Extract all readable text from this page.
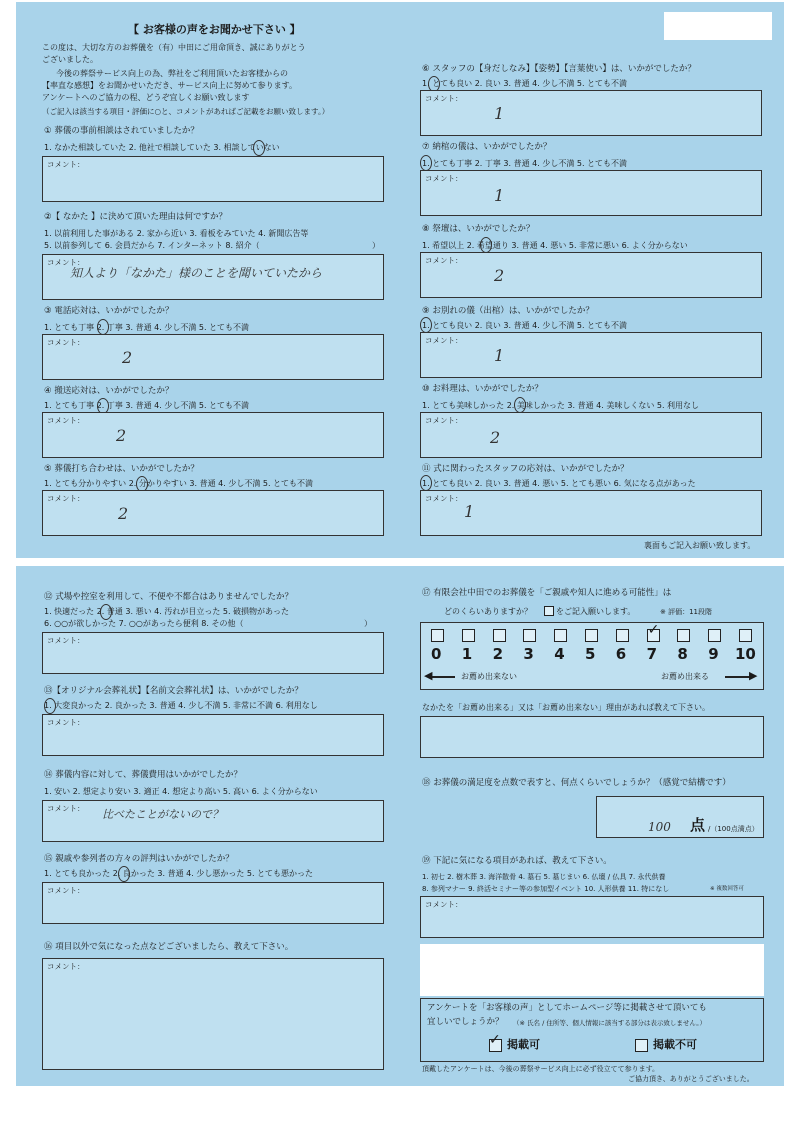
【 お客様の声をお聞かせ下さい 】
この度は、大切な方のお葬儀を（有）中田にご用命頂き、誠にありがとう
ございました。
今後の葬祭サービス向上の為、弊社をご利用頂いたお客様からの
【率直な感想】をお聞かせいただき、サービス向上に努めて参ります。
アンケートへのご協力の程、どうぞ宜しくお願い致します
（ご記入は該当する項目・評価に○と、コメントがあればご記載をお願い致します。）
① 葬儀の事前相談はされていましたか？
1. なかた相談していた 2. 他社で相談していた 3. 相談していない
コメント：
②【 なかた 】に決めて頂いた理由は何ですか？
1. 以前利用した事がある 2. 家から近い 3. 看板をみていた 4. 新聞広告等
5. 以前参列して 6. 会員だから 7. インターネット 8. 紹介（	）
コメント：
知人より「なかた」様のことを聞いていたから
③ 電話応対は、いかがでしたか？
1. とても丁寧 2. 丁寧 3. 普通 4. 少し不満 5. とても不満
コメント：
2
④ 搬送応対は、いかがでしたか？
1. とても丁寧 2. 丁寧 3. 普通 4. 少し不満 5. とても不満
コメント：
2
⑤ 葬儀打ち合わせは、いかがでしたか？
1. とても分かりやすい 2. 分かりやすい 3. 普通 4. 少し不満 5. とても不満
コメント：
2
⑥ スタッフの【身だしなみ】【姿勢】【言葉使い】は、いかがでしたか？
1. とても良い 2. 良い 3. 普通 4. 少し不満 5. とても不満
コメント：
1
⑦ 納棺の儀は、いかがでしたか？
1. とても丁寧 2. 丁寧 3. 普通 4. 少し不満 5. とても不満
コメント：
1
⑧ 祭壇は、いかがでしたか？
1. 希望以上 2. 希望通り 3. 普通 4. 悪い 5. 非常に悪い 6. よく分からない
コメント：
2
⑨ お別れの儀（出棺）は、いかがでしたか？
1. とても良い 2. 良い 3. 普通 4. 少し不満 5. とても不満
コメント：
1
⑩ お料理は、いかがでしたか？
1. とても美味しかった 2. 美味しかった 3. 普通 4. 美味しくない 5. 利用なし
コメント：
2
⑪ 式に関わったスタッフの応対は、いかがでしたか？
1. とても良い 2. 良い 3. 普通 4. 悪い 5. とても悪い 6. 気になる点があった
コメント：
1
裏面もご記入お願い致します。
⑫ 式場や控室を利用して、不便や不都合はありませんでしたか？
1. 快適だった 2. 普通 3. 悪い 4. 汚れが目立った 5. 破損物があった
6. ○○が欲しかった 7. ○○があったら便利 8. その他（	）
コメント：
⑬【オリジナル会葬礼状】【名前文会葬礼状】は、いかがでしたか？
1. 大変良かった 2. 良かった 3. 普通 4. 少し不満 5. 非常に不満 6. 利用なし
コメント：
⑭ 葬儀内容に対して、葬儀費用はいかがでしたか？
1. 安い 2. 想定より安い 3. 適正 4. 想定より高い 5. 高い 6. よく分からない
コメント： 比べたことがないので？
⑮ 親戚や参列者の方々の評判はいかがでしたか？
1. とても良かった 2. 良かった 3. 普通 4. 少し悪かった 5. とても悪かった
コメント：
⑯ 項目以外で気になった点などございましたら、教えて下さい。
コメント：
⑰ 有限会社中田でのお葬儀を「ご親戚や知人に進める可能性」は
どのくらいありますか？	をご記入願いします。	※ 評価：11段階
0 1 2 3 4 5 6 7
✓
8 9 10
お薦め出来ない	お薦め出来る
◀	▶
なかたを「お薦め出来る」又は「お薦め出来ない」理由があれば教えて下さい。
⑱ お葬儀の満足度を点数で表すと、何点くらいでしょうか？（感覚で結構です）
100 点 /（100点満点）
⑲ 下記に気になる項目があれば、教えて下さい。
1. 初七 2. 樹木葬 3. 海洋散骨 4. 墓石 5. 墓じまい 6. 仏壇 / 仏具 7. 永代供養
8. 参列マナー 9. 終活セミナー等の参加型イベント 10. 人形供養 11. 特になし	※ 複数回答可
コメント：
アンケートを「お客様の声」としてホームページ等に掲載させて頂いても
宜しいでしょうか？ （※ 氏名 / 住所等、個人情報に該当する部分は表示致しません。）
✓ 掲載可	掲載不可
頂戴したアンケートは、今後の葬祭サービス向上に必ず役立てて参ります。
ご協力頂き、ありがとうございました。
